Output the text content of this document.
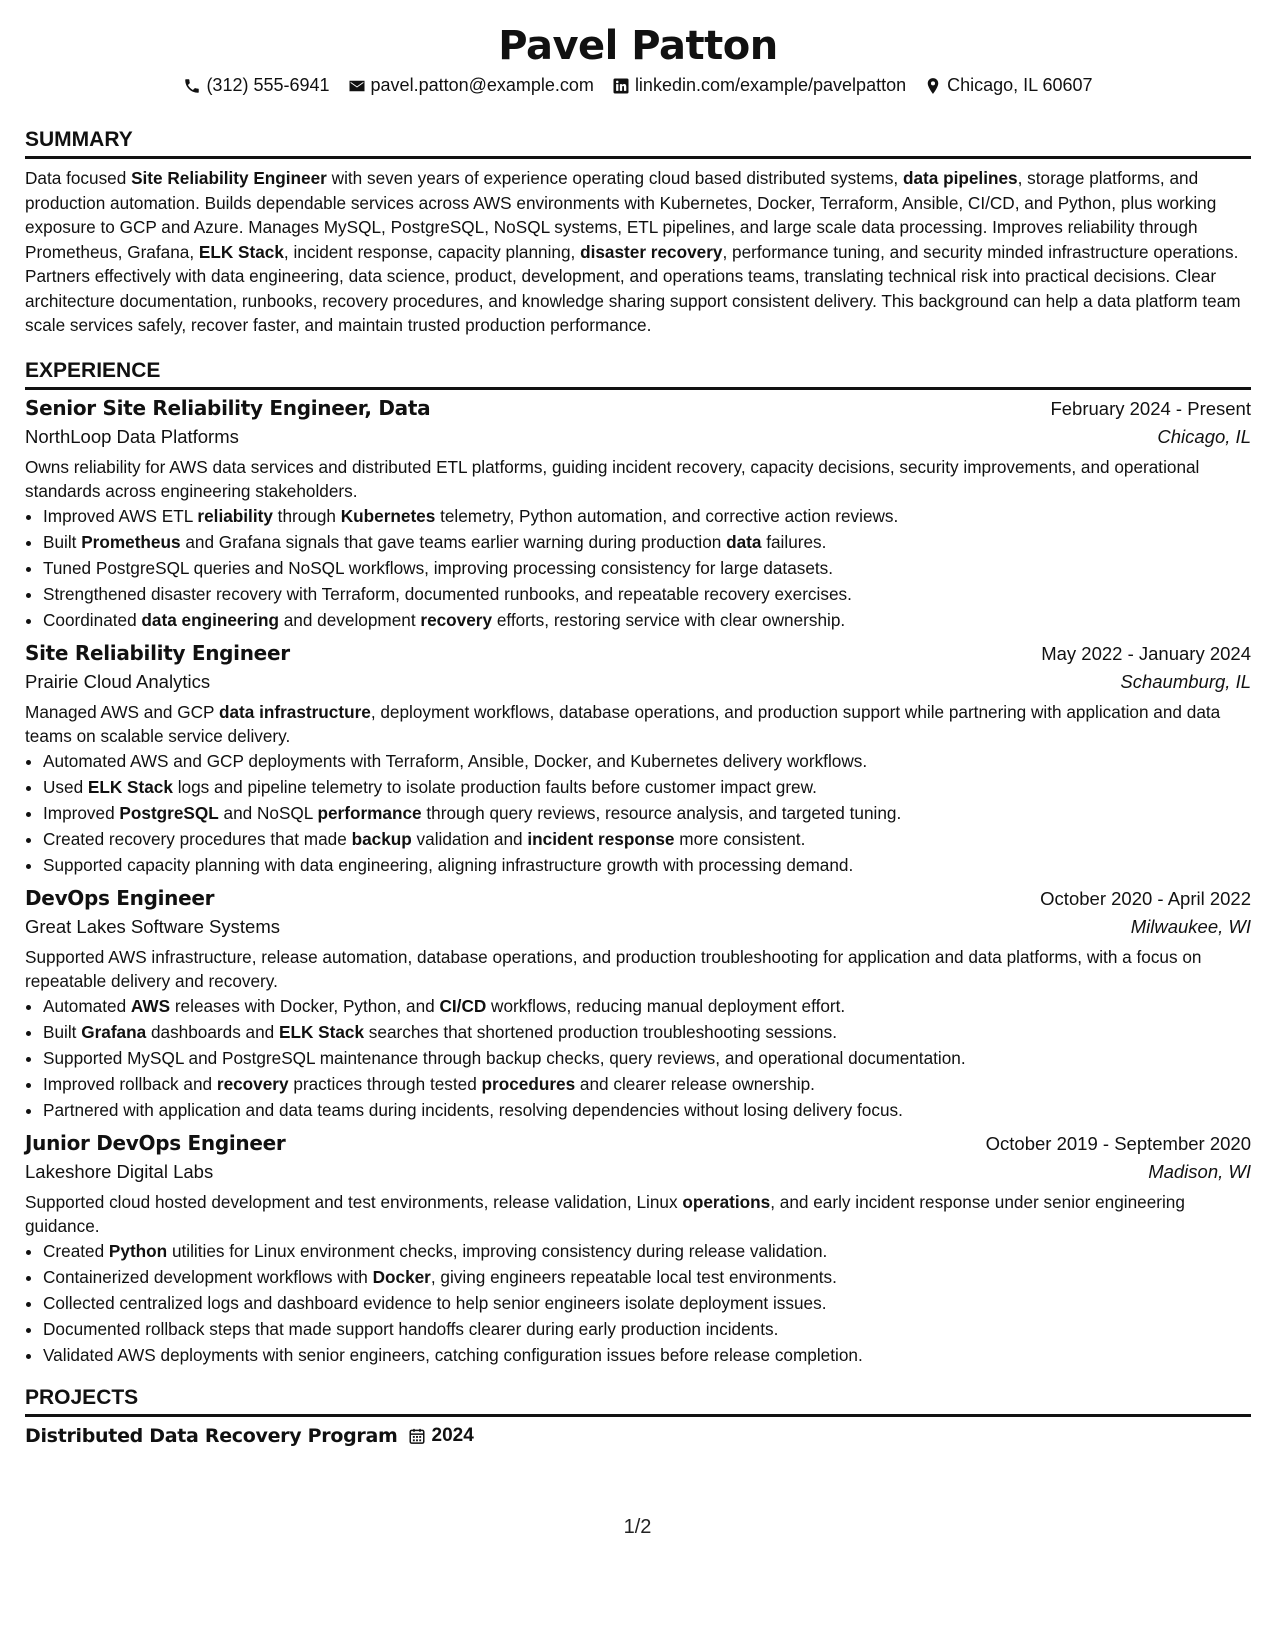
Pavel Patton
(312) 555-6941 pavel.patton@example.com linkedin.com/example/pavelpatton Chicago, IL 60607
SUMMARY
Data focused Site Reliability Engineer with seven years of experience operating cloud based distributed systems, data pipelines, storage platforms, and production automation. Builds dependable services across AWS environments with Kubernetes, Docker, Terraform, Ansible, CI/CD, and Python, plus working exposure to GCP and Azure. Manages MySQL, PostgreSQL, NoSQL systems, ETL pipelines, and large scale data processing. Improves reliability through Prometheus, Grafana, ELK Stack, incident response, capacity planning, disaster recovery, performance tuning, and security minded infrastructure operations. Partners effectively with data engineering, data science, product, development, and operations teams, translating technical risk into practical decisions. Clear architecture documentation, runbooks, recovery procedures, and knowledge sharing support consistent delivery. This background can help a data platform team scale services safely, recover faster, and maintain trusted production performance.
EXPERIENCE
Senior Site Reliability Engineer, Data	February 2024 - Present
NorthLoop Data Platforms	Chicago, IL
Owns reliability for AWS data services and distributed ETL platforms, guiding incident recovery, capacity decisions, security improvements, and operational standards across engineering stakeholders.
• Improved AWS ETL reliability through Kubernetes telemetry, Python automation, and corrective action reviews.
• Built Prometheus and Grafana signals that gave teams earlier warning during production data failures.
• Tuned PostgreSQL queries and NoSQL workflows, improving processing consistency for large datasets.
• Strengthened disaster recovery with Terraform, documented runbooks, and repeatable recovery exercises.
• Coordinated data engineering and development recovery efforts, restoring service with clear ownership.
Site Reliability Engineer	May 2022 - January 2024
Prairie Cloud Analytics	Schaumburg, IL
Managed AWS and GCP data infrastructure, deployment workflows, database operations, and production support while partnering with application and data teams on scalable service delivery.
• Automated AWS and GCP deployments with Terraform, Ansible, Docker, and Kubernetes delivery workflows.
• Used ELK Stack logs and pipeline telemetry to isolate production faults before customer impact grew.
• Improved PostgreSQL and NoSQL performance through query reviews, resource analysis, and targeted tuning.
• Created recovery procedures that made backup validation and incident response more consistent.
• Supported capacity planning with data engineering, aligning infrastructure growth with processing demand.
DevOps Engineer	October 2020 - April 2022
Great Lakes Software Systems	Milwaukee, WI
Supported AWS infrastructure, release automation, database operations, and production troubleshooting for application and data platforms, with a focus on repeatable delivery and recovery.
• Automated AWS releases with Docker, Python, and CI/CD workflows, reducing manual deployment effort.
• Built Grafana dashboards and ELK Stack searches that shortened production troubleshooting sessions.
• Supported MySQL and PostgreSQL maintenance through backup checks, query reviews, and operational documentation.
• Improved rollback and recovery practices through tested procedures and clearer release ownership.
• Partnered with application and data teams during incidents, resolving dependencies without losing delivery focus.
Junior DevOps Engineer	October 2019 - September 2020
Lakeshore Digital Labs	Madison, WI
Supported cloud hosted development and test environments, release validation, Linux operations, and early incident response under senior engineering guidance.
• Created Python utilities for Linux environment checks, improving consistency during release validation.
• Containerized development workflows with Docker, giving engineers repeatable local test environments.
• Collected centralized logs and dashboard evidence to help senior engineers isolate deployment issues.
• Documented rollback steps that made support handoffs clearer during early production incidents.
• Validated AWS deployments with senior engineers, catching configuration issues before release completion.
PROJECTS
Distributed Data Recovery Program 2024
1/2
